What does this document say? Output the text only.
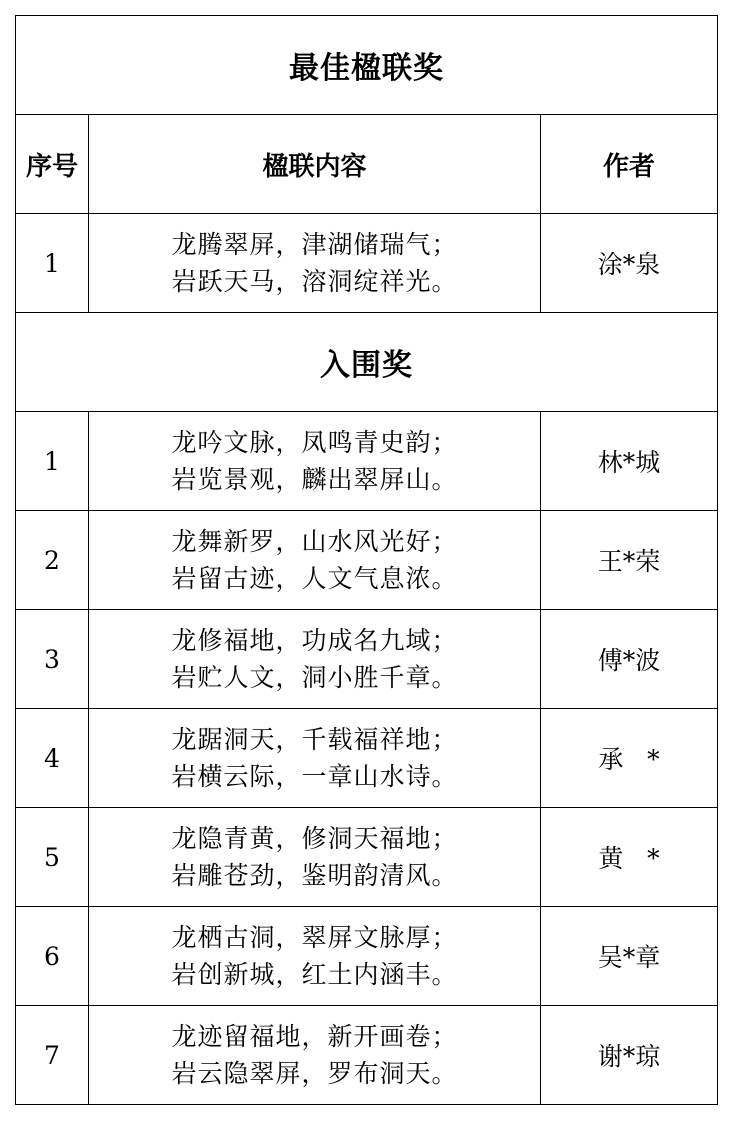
最佳楹联奖		
序号	楹联内容	作者
1	龙腾翠屏，津湖储瑞气；
岩跃天马，溶洞绽祥光。	涂*泉
入围奖		
1	龙吟文脉，凤鸣青史韵；
岩览景观，麟出翠屏山。	林*城
2	龙舞新罗，山水风光好；
岩留古迹，人文气息浓。	王*荣
3	龙修福地，功成名九域；
岩贮人文，洞小胜千章。	傅*波
4	龙踞洞天，千载福祥地；
岩横云际，一章山水诗。	承   *
5	龙隐青黄，修洞天福地；
岩雕苍劲，鉴明韵清风。	黄   *
6	龙栖古洞，翠屏文脉厚；
岩创新城，红土内涵丰。	吴*章
7	龙迹留福地，新开画卷；
岩云隐翠屏，罗布洞天。	谢*琼
